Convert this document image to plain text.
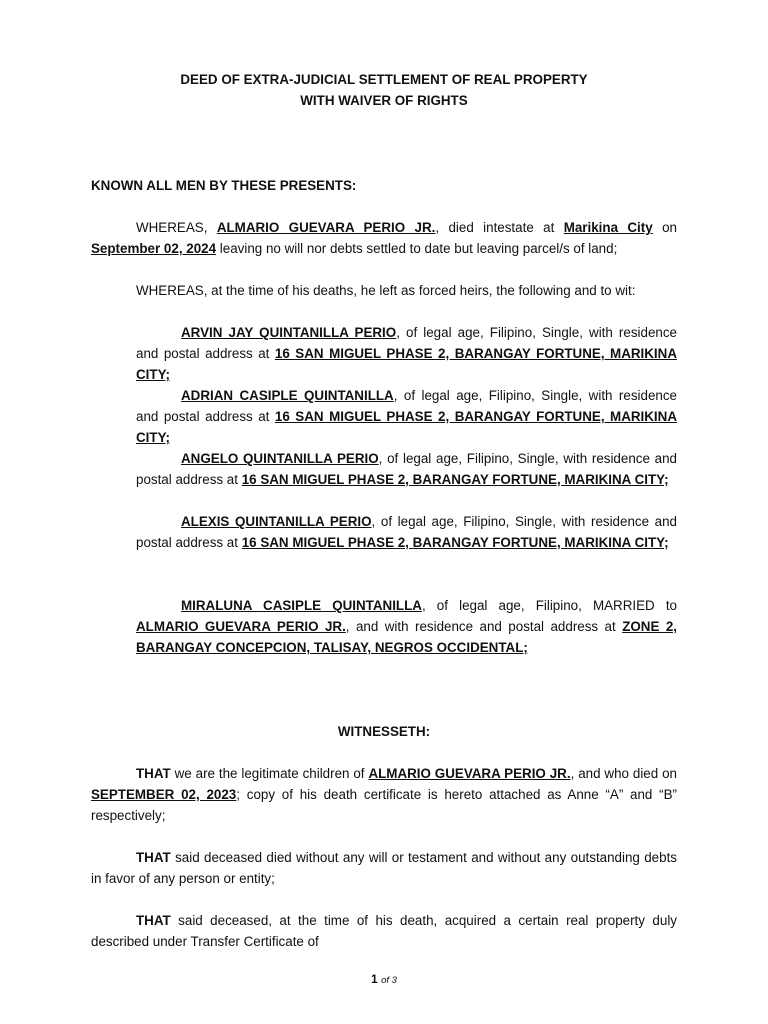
DEED OF EXTRA-JUDICIAL SETTLEMENT OF REAL PROPERTY
WITH WAIVER OF RIGHTS
KNOWN ALL MEN BY THESE PRESENTS:
WHEREAS, ALMARIO GUEVARA PERIO JR., died intestate at Marikina City on September 02, 2024 leaving no will nor debts settled to date but leaving parcel/s of land;
WHEREAS, at the time of his deaths, he left as forced heirs, the following and to wit:
ARVIN JAY QUINTANILLA PERIO, of legal age, Filipino, Single, with residence and postal address at 16 SAN MIGUEL PHASE 2, BARANGAY FORTUNE, MARIKINA CITY;
ADRIAN CASIPLE QUINTANILLA, of legal age, Filipino, Single, with residence and postal address at 16 SAN MIGUEL PHASE 2, BARANGAY FORTUNE, MARIKINA CITY;
ANGELO QUINTANILLA PERIO, of legal age, Filipino, Single, with residence and postal address at 16 SAN MIGUEL PHASE 2, BARANGAY FORTUNE, MARIKINA CITY;
ALEXIS QUINTANILLA PERIO, of legal age, Filipino, Single, with residence and postal address at 16 SAN MIGUEL PHASE 2, BARANGAY FORTUNE, MARIKINA CITY;
MIRALUNA CASIPLE QUINTANILLA, of legal age, Filipino, MARRIED to ALMARIO GUEVARA PERIO JR., and with residence and postal address at ZONE 2, BARANGAY CONCEPCION, TALISAY, NEGROS OCCIDENTAL;
WITNESSETH:
THAT we are the legitimate children of ALMARIO GUEVARA PERIO JR., and who died on SEPTEMBER 02, 2023; copy of his death certificate is hereto attached as Anne “A” and “B” respectively;
THAT said deceased died without any will or testament and without any outstanding debts in favor of any person or entity;
THAT said deceased, at the time of his death, acquired a certain real property duly described under Transfer Certificate of
1 of 3
